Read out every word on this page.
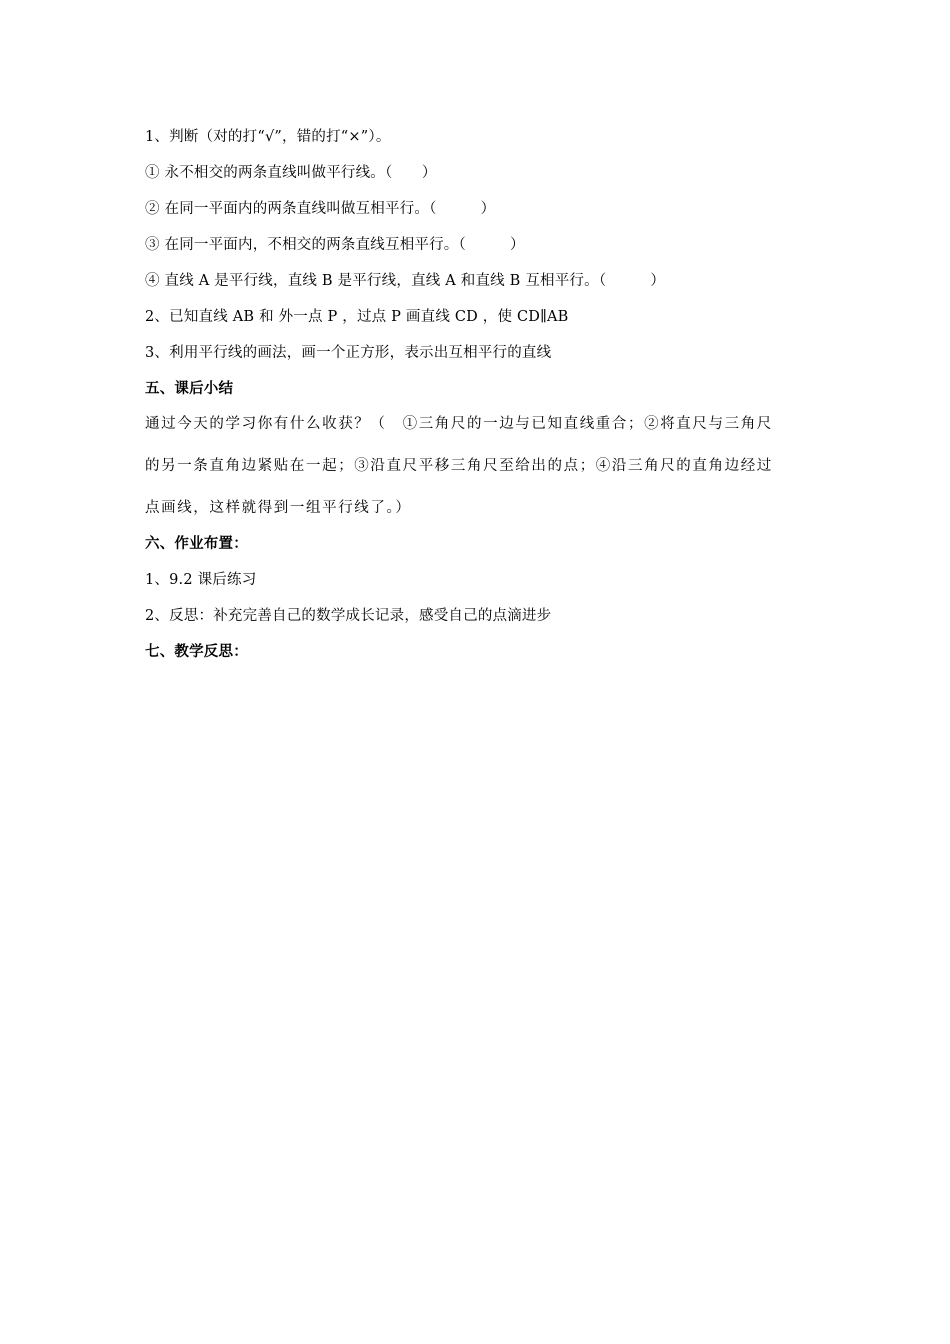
1、判断（对的打“√”，错的打“×”）。
① 永不相交的两条直线叫做平行线。（　　）
② 在同一平面内的两条直线叫做互相平行。（　　　）
③ 在同一平面内，不相交的两条直线互相平行。（　　　）
④ 直线 A 是平行线，直线 B 是平行线，直线 A 和直线 B 互相平行。（　　　）
2、已知直线 AB 和 外一点 P ，过点 P 画直线 CD ，使 CD∥AB
3、利用平行线的画法，画一个正方形，表示出互相平行的直线
五、课后小结
通过今天的学习你有什么收获？（　①三角尺的一边与已知直线重合；②将直尺与三角尺
的另一条直角边紧贴在一起；③沿直尺平移三角尺至给出的点；④沿三角尺的直角边经过
点画线，这样就得到一组平行线了。）
六、作业布置：
1、9.2 课后练习
2、反思：补充完善自己的数学成长记录，感受自己的点滴进步
七、教学反思：
